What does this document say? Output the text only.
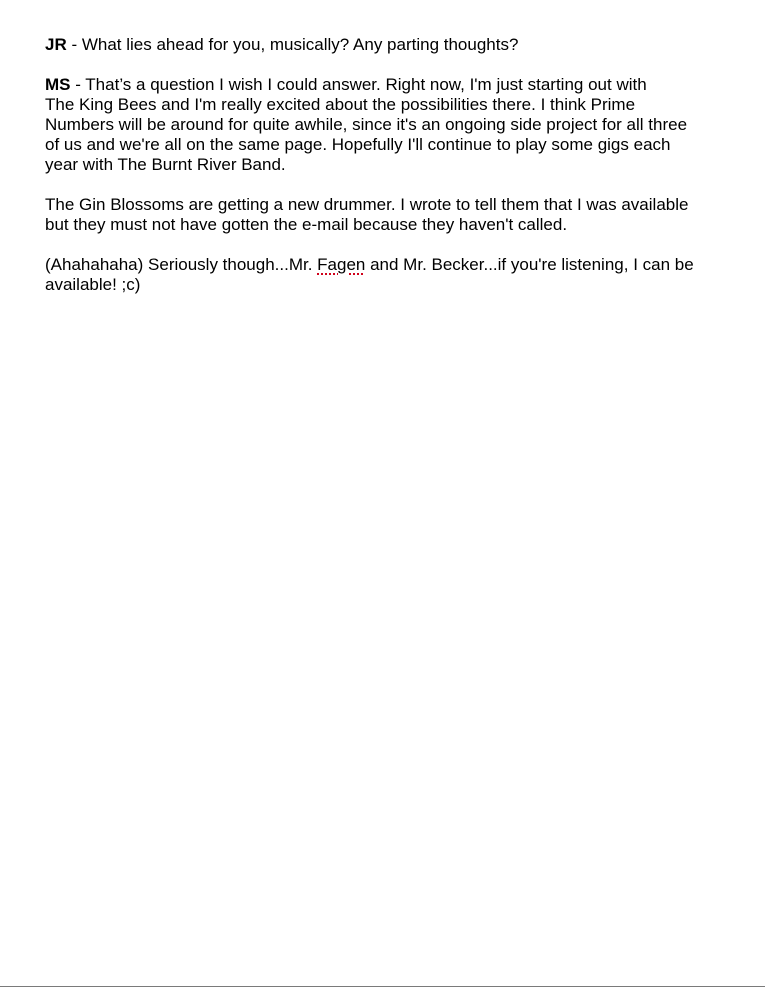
JR - What lies ahead for you, musically? Any parting thoughts?

MS - That’s a question I wish I could answer. Right now, I'm just starting out with
The King Bees and I'm really excited about the possibilities there. I think Prime
Numbers will be around for quite awhile, since it's an ongoing side project for all three
of us and we're all on the same page. Hopefully I'll continue to play some gigs each
year with The Burnt River Band.

The Gin Blossoms are getting a new drummer. I wrote to tell them that I was available
but they must not have gotten the e-mail because they haven't called.

(Ahahahaha) Seriously though...Mr. Fagen and Mr. Becker...if you're listening, I can be
available! ;c)
